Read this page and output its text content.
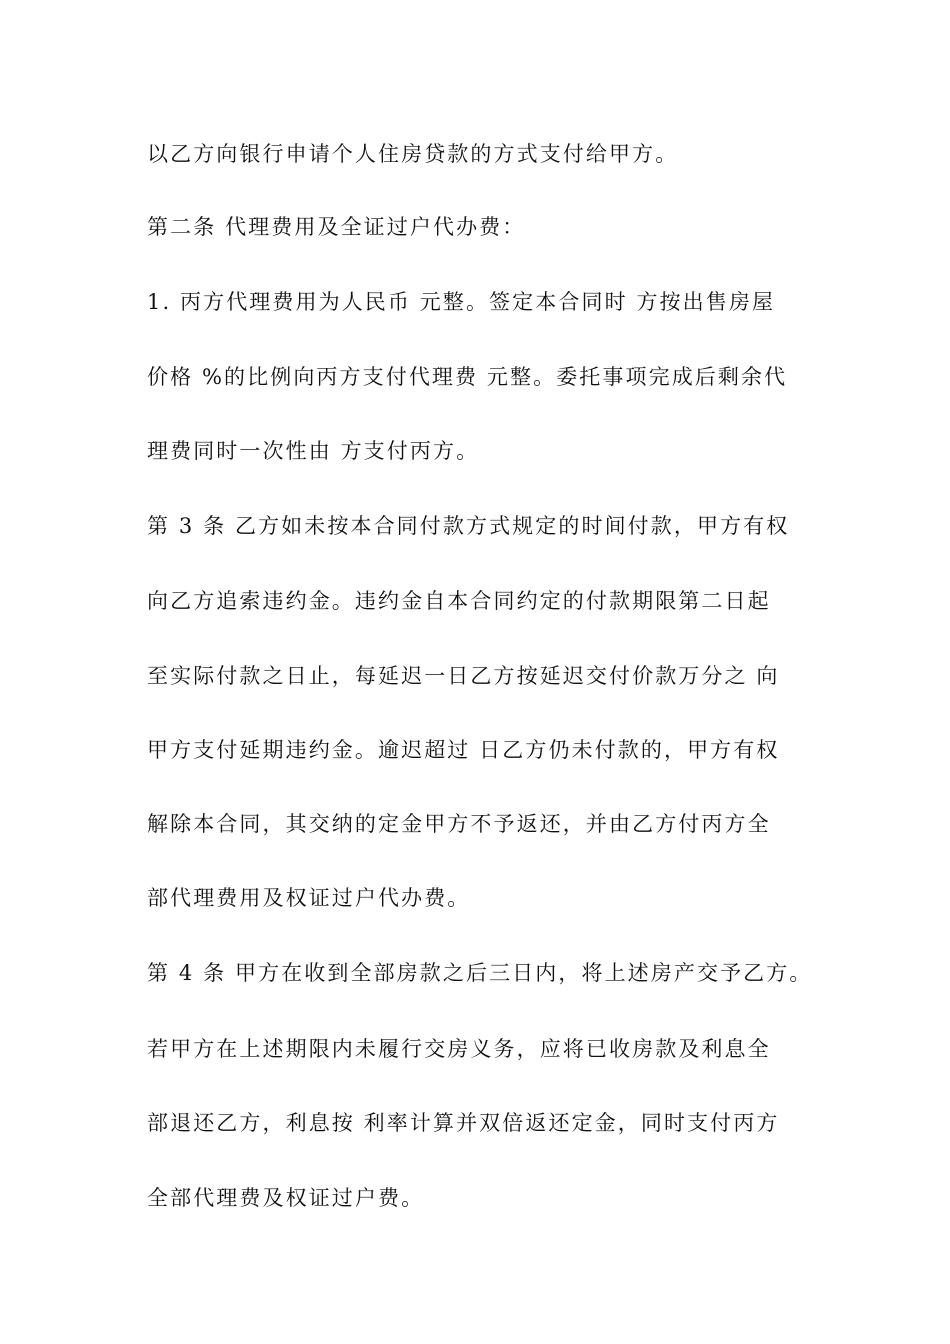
以乙方向银行申请个人住房贷款的方式支付给甲方。
第二条 代理费用及全证过户代办费：
1. 丙方代理费用为人民币 元整。签定本合同时 方按出售房屋
价格 %的比例向丙方支付代理费 元整。委托事项完成后剩余代
理费同时一次性由 方支付丙方。
第 3 条 乙方如未按本合同付款方式规定的时间付款，甲方有权
向乙方追索违约金。违约金自本合同约定的付款期限第二日起
至实际付款之日止，每延迟一日乙方按延迟交付价款万分之 向
甲方支付延期违约金。逾迟超过 日乙方仍未付款的，甲方有权
解除本合同，其交纳的定金甲方不予返还，并由乙方付丙方全
部代理费用及权证过户代办费。
第 4 条 甲方在收到全部房款之后三日内，将上述房产交予乙方。
若甲方在上述期限内未履行交房义务，应将已收房款及利息全
部退还乙方，利息按 利率计算并双倍返还定金，同时支付丙方
全部代理费及权证过户费。
